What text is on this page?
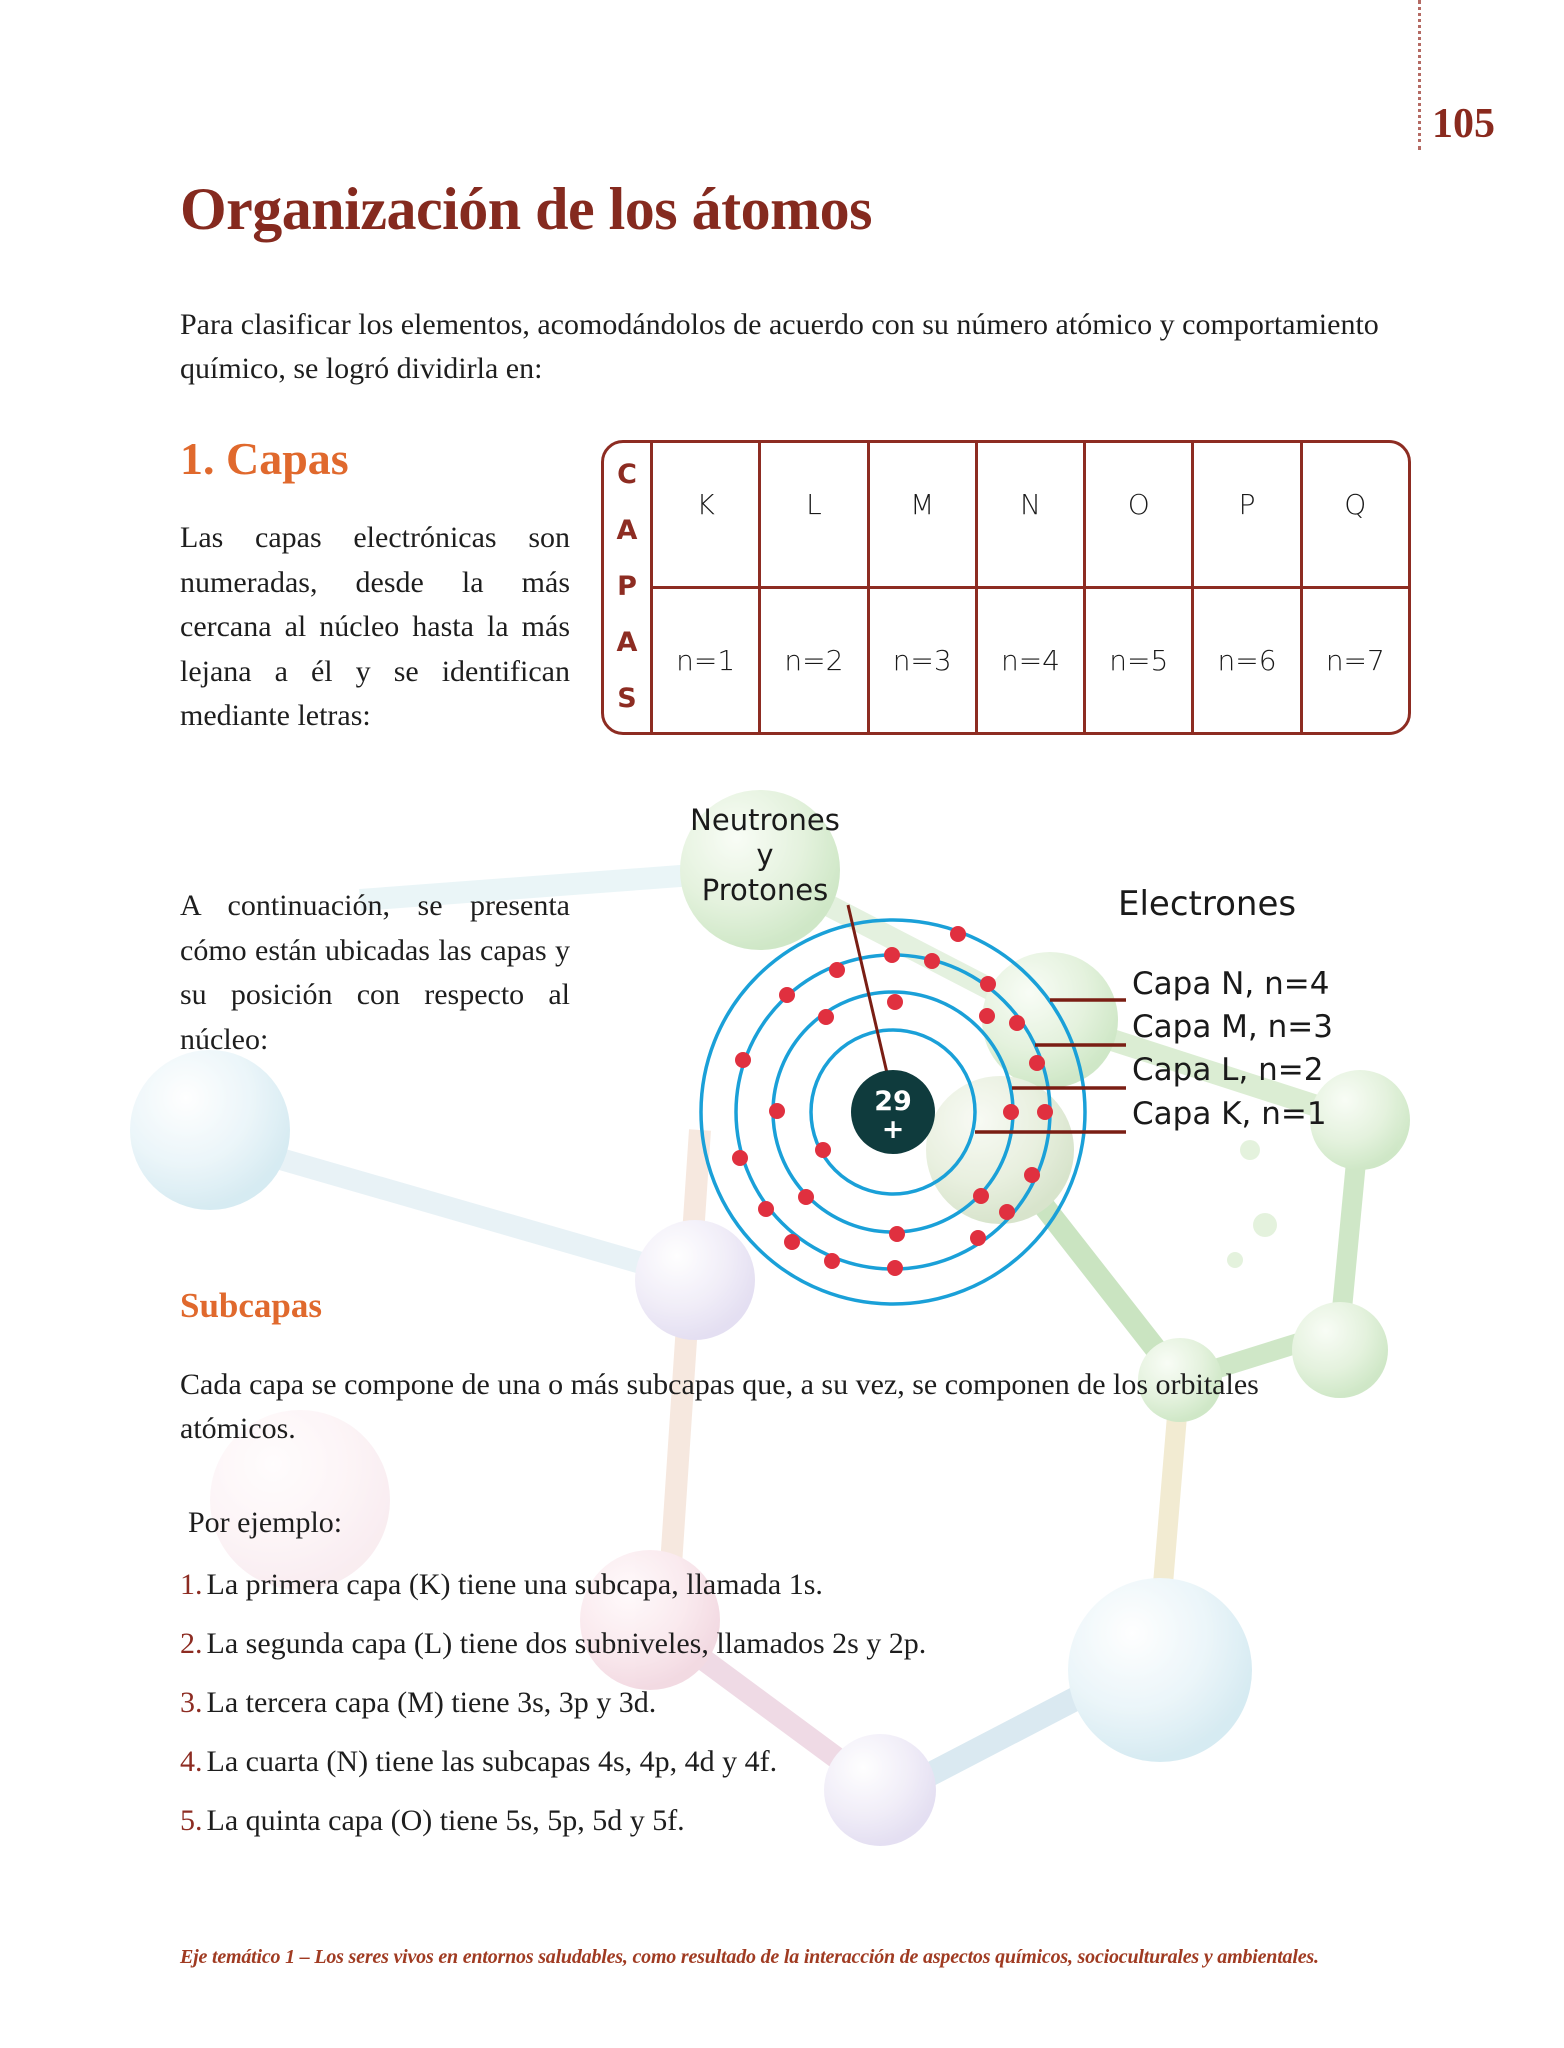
105
Organización de los átomos

Para clasificar los elementos, acomodándolos de acuerdo con su número atómico y comportamiento químico, se logró dividirla en:

1. Capas

Las capas electrónicas son numeradas, desde la más cercana al núcleo hasta la más lejana a él y se identifican mediante letras:

C
A
P
A
S
K
n=1
L
n=2
M
n=3
N
n=4
O
n=5
P
n=6
Q
n=7

A continuación, se presenta cómo están ubicadas las capas y su posición con respecto al núcleo:

29
+
Neutrones
y
Protones	Electrones
Capa N, n=4
Capa M, n=3
Capa L, n=2
Capa K, n=1
Subcapas

Cada capa se compone de una o más subcapas que, a su vez, se componen de los orbitales atómicos.

Por ejemplo:
1. La primera capa (K) tiene una subcapa, llamada 1s.
2. La segunda capa (L) tiene dos subniveles, llamados 2s y 2p.
3. La tercera capa (M) tiene 3s, 3p y 3d.
4. La cuarta (N) tiene las subcapas 4s, 4p, 4d y 4f.
5. La quinta capa (O) tiene 5s, 5p, 5d y 5f.
Eje temático 1 – Los seres vivos en entornos saludables, como resultado de la interacción de aspectos químicos, socioculturales y ambientales.
